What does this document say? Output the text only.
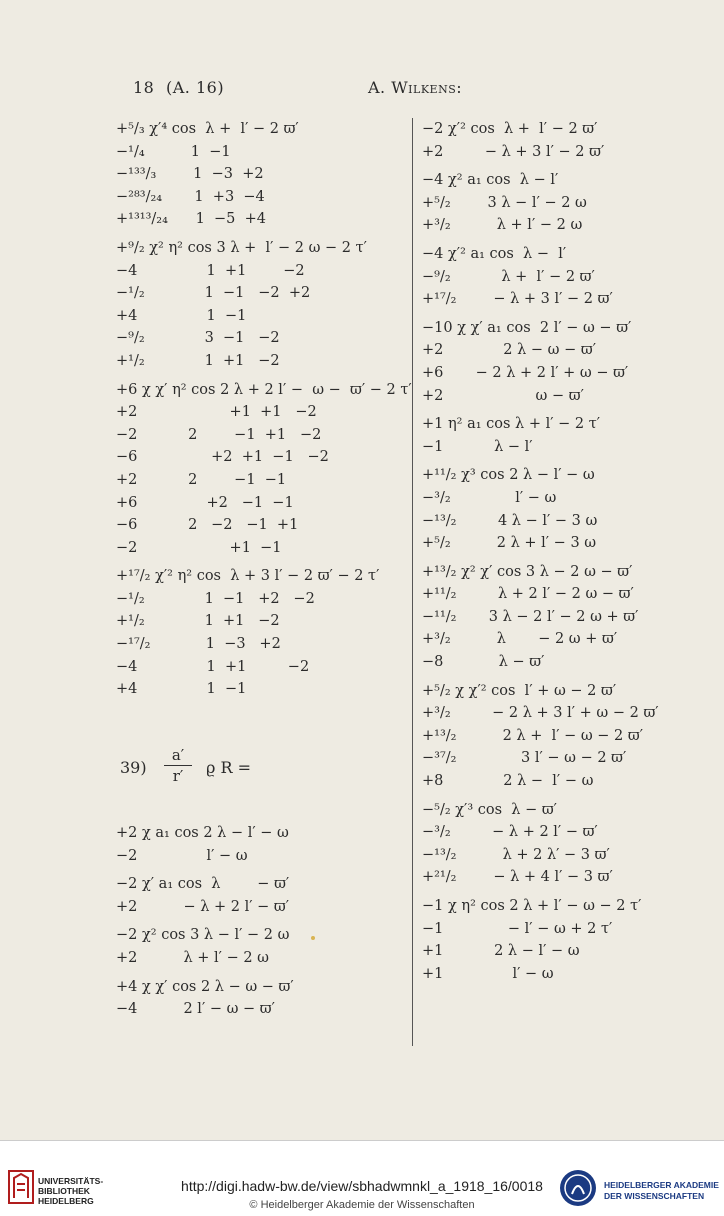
18 (A. 16)	A. Wilkens:
+⁵/₃ χ′⁴ cos  λ +  l′ − 2 ϖ′
−¹/₄          1  −1
−¹³³/₃        1  −3  +2
−²⁸³/₂₄       1  +3  −4
+¹³¹³/₂₄      1  −5  +4
+⁹/₂ χ² η² cos 3 λ +  l′ − 2 ω − 2 τ′
−4               1  +1        −2
−¹/₂             1  −1   −2  +2
+4               1  −1
−⁹/₂             3  −1   −2
+¹/₂             1  +1   −2
+6 χ χ′ η² cos 2 λ + 2 l′ −  ω −  ϖ′ − 2 τ′
+2                    +1  +1   −2
−2           2        −1  +1   −2
−6                +2  +1  −1   −2
+2           2        −1  −1
+6               +2   −1  −1
−6           2   −2   −1  +1
−2                    +1  −1
+¹⁷/₂ χ′² η² cos  λ + 3 l′ − 2 ϖ′ − 2 τ′
−¹/₂             1  −1   +2   −2
+¹/₂             1  +1   −2
−¹⁷/₂            1  −3   +2
−4               1  +1         −2
+4               1  −1
39)
a′
r′	ϱ R =
+2 χ a₁ cos 2 λ − l′ − ω
−2               l′ − ω
−2 χ′ a₁ cos  λ        − ϖ′
+2          − λ + 2 l′ − ϖ′
−2 χ² cos 3 λ − l′ − 2 ω
+2          λ + l′ − 2 ω
+4 χ χ′ cos 2 λ − ω − ϖ′
−4          2 l′ − ω − ϖ′
−2 χ′² cos  λ +  l′ − 2 ϖ′
+2         − λ + 3 l′ − 2 ϖ′
−4 χ² a₁ cos  λ − l′
+⁵/₂        3 λ − l′ − 2 ω
+³/₂          λ + l′ − 2 ω
−4 χ′² a₁ cos  λ −  l′
−⁹/₂           λ +  l′ − 2 ϖ′
+¹⁷/₂        − λ + 3 l′ − 2 ϖ′
−10 χ χ′ a₁ cos  2 l′ − ω − ϖ′
+2             2 λ − ω − ϖ′
+6       − 2 λ + 2 l′ + ω − ϖ′
+2                    ω − ϖ′
+1 η² a₁ cos λ + l′ − 2 τ′
−1           λ − l′
+¹¹/₂ χ³ cos 2 λ − l′ − ω
−³/₂              l′ − ω
−¹³/₂         4 λ − l′ − 3 ω
+⁵/₂          2 λ + l′ − 3 ω
+¹³/₂ χ² χ′ cos 3 λ − 2 ω − ϖ′
+¹¹/₂         λ + 2 l′ − 2 ω − ϖ′
−¹¹/₂       3 λ − 2 l′ − 2 ω + ϖ′
+³/₂          λ       − 2 ω + ϖ′
−8            λ − ϖ′
+⁵/₂ χ χ′² cos  l′ + ω − 2 ϖ′
+³/₂         − 2 λ + 3 l′ + ω − 2 ϖ′
+¹³/₂          2 λ +  l′ − ω − 2 ϖ′
−³⁷/₂              3 l′ − ω − 2 ϖ′
+8             2 λ −  l′ − ω
−⁵/₂ χ′³ cos  λ − ϖ′
−³/₂         − λ + 2 l′ − ϖ′
−¹³/₂          λ + 2 λ′ − 3 ϖ′
+²¹/₂        − λ + 4 l′ − 3 ϖ′
−1 χ η² cos 2 λ + l′ − ω − 2 τ′
−1              − l′ − ω + 2 τ′
+1           2 λ − l′ − ω
+1               l′ − ω
UNIVERSITÄTS- BIBLIOTHEK HEIDELBERG
http://digi.hadw-bw.de/view/sbhadwmnkl_a_1918_16/0018
© Heidelberger Akademie der Wissenschaften
HEIDELBERGER AKADEMIE DER WISSENSCHAFTEN
